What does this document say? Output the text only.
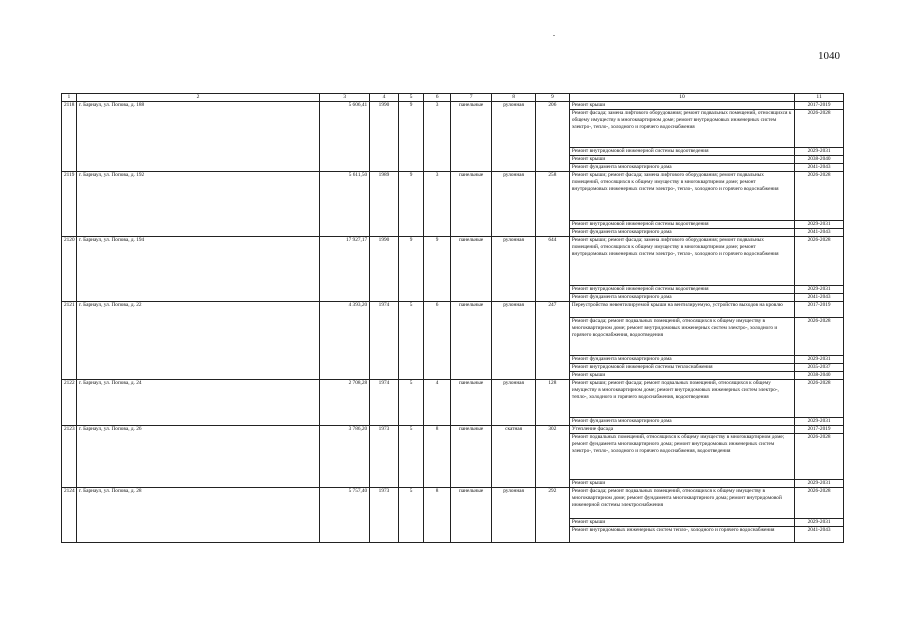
1040
1	2	3	4	5	6	7	8	9	10	11
2118	г. Барнаул, ул. Попова, д. 188	5 606,41	1990	9	3	панельные	рулонная	206	Ремонт крыши	2017-2019
									Ремонт фасада; замена лифтового оборудования; ремонт подвальных помещений, относящихся к общему имуществу в многоквартирном доме; ремонт внутридомовых инженерных систем электро-, тепло-, холодного и горячего водоснабжения	2026-2028
									Ремонт внутридомовой инженерной системы водоотведения	2029-2031
									Ремонт крыши	2038-2040
									Ремонт фундамента многоквартирного дома	2041-2043
2119	г. Барнаул, ул. Попова, д. 192	5 611,50	1989	9	3	панельные	рулонная	258	Ремонт крыши; ремонт фасада; замена лифтового оборудования; ремонт подвальных помещений, относящихся к общему имуществу в многоквартирном доме; ремонт внутридомовых инженерных систем электро-, тепло-, холодного и горячего водоснабжения	2026-2028
									Ремонт внутридомовой инженерной системы водоотведения	2029-2031
									Ремонт фундамента многоквартирного дома	2041-2043
2120	г. Барнаул, ул. Попова, д. 194	17 927,17	1990	9	9	панельные	рулонная	644	Ремонт крыши; ремонт фасада; замена лифтового оборудования; ремонт подвальных помещений, относящихся к общему имуществу в многоквартирном доме; ремонт внутридомовых инженерных систем электро-, тепло-, холодного и горячего водоснабжения	2026-2028
									Ремонт внутридомовой инженерной системы водоотведения	2029-2031
									Ремонт фундамента многоквартирного дома	2041-2043
2121	г. Барнаул, ул. Попова, д. 22	4 393,20	1974	5	6	панельные	рулонная	247	Переустройство невентилируемой крыши на вентилируемую, устройство выходов на кровлю	2017-2019
									Ремонт фасада; ремонт подвальных помещений, относящихся к общему имуществу в многоквартирном доме; ремонт внутридомовых инженерных систем электро-, холодного и горячего водоснабжения, водоотведения	2026-2028
									Ремонт фундамента многоквартирного дома	2029-2031
									Ремонт внутридомовой инженерной системы теплоснабжения	2035-2037
									Ремонт крыши	2038-2040
2122	г. Барнаул, ул. Попова, д. 24	2 708,28	1974	5	4	панельные	рулонная	128	Ремонт крыши; ремонт фасада; ремонт подвальных помещений, относящихся к общему имуществу в многоквартирном доме; ремонт внутридомовых инженерных систем электро-, тепло-, холодного и горячего водоснабжения, водоотведения	2026-2028
									Ремонт фундамента многоквартирного дома	2029-2031
2123	г. Барнаул, ул. Попова, д. 26	3 786,20	1973	5	8	панельные	скатная	302	Утепление фасада	2017-2019
									Ремонт подвальных помещений, относящихся к общему имуществу в многоквартирном доме; ремонт фундамента многоквартирного дома; ремонт внутридомовых инженерных систем электро-, тепло-, холодного и горячего водоснабжения, водоотведения	2026-2028
									Ремонт крыши	2029-2031
2124	г. Барнаул, ул. Попова, д. 28	5 757,40	1973	5	8	панельные	рулонная	292	Ремонт фасада; ремонт подвальных помещений, относящихся к общему имуществу в многоквартирном доме; ремонт фундамента многоквартирного дома; ремонт внутридомовой инженерной системы электроснабжения	2026-2028
									Ремонт крыши	2029-2031
									Ремонт внутридомовых инженерных систем тепло-, холодного и горячего водоснабжения	2041-2043
